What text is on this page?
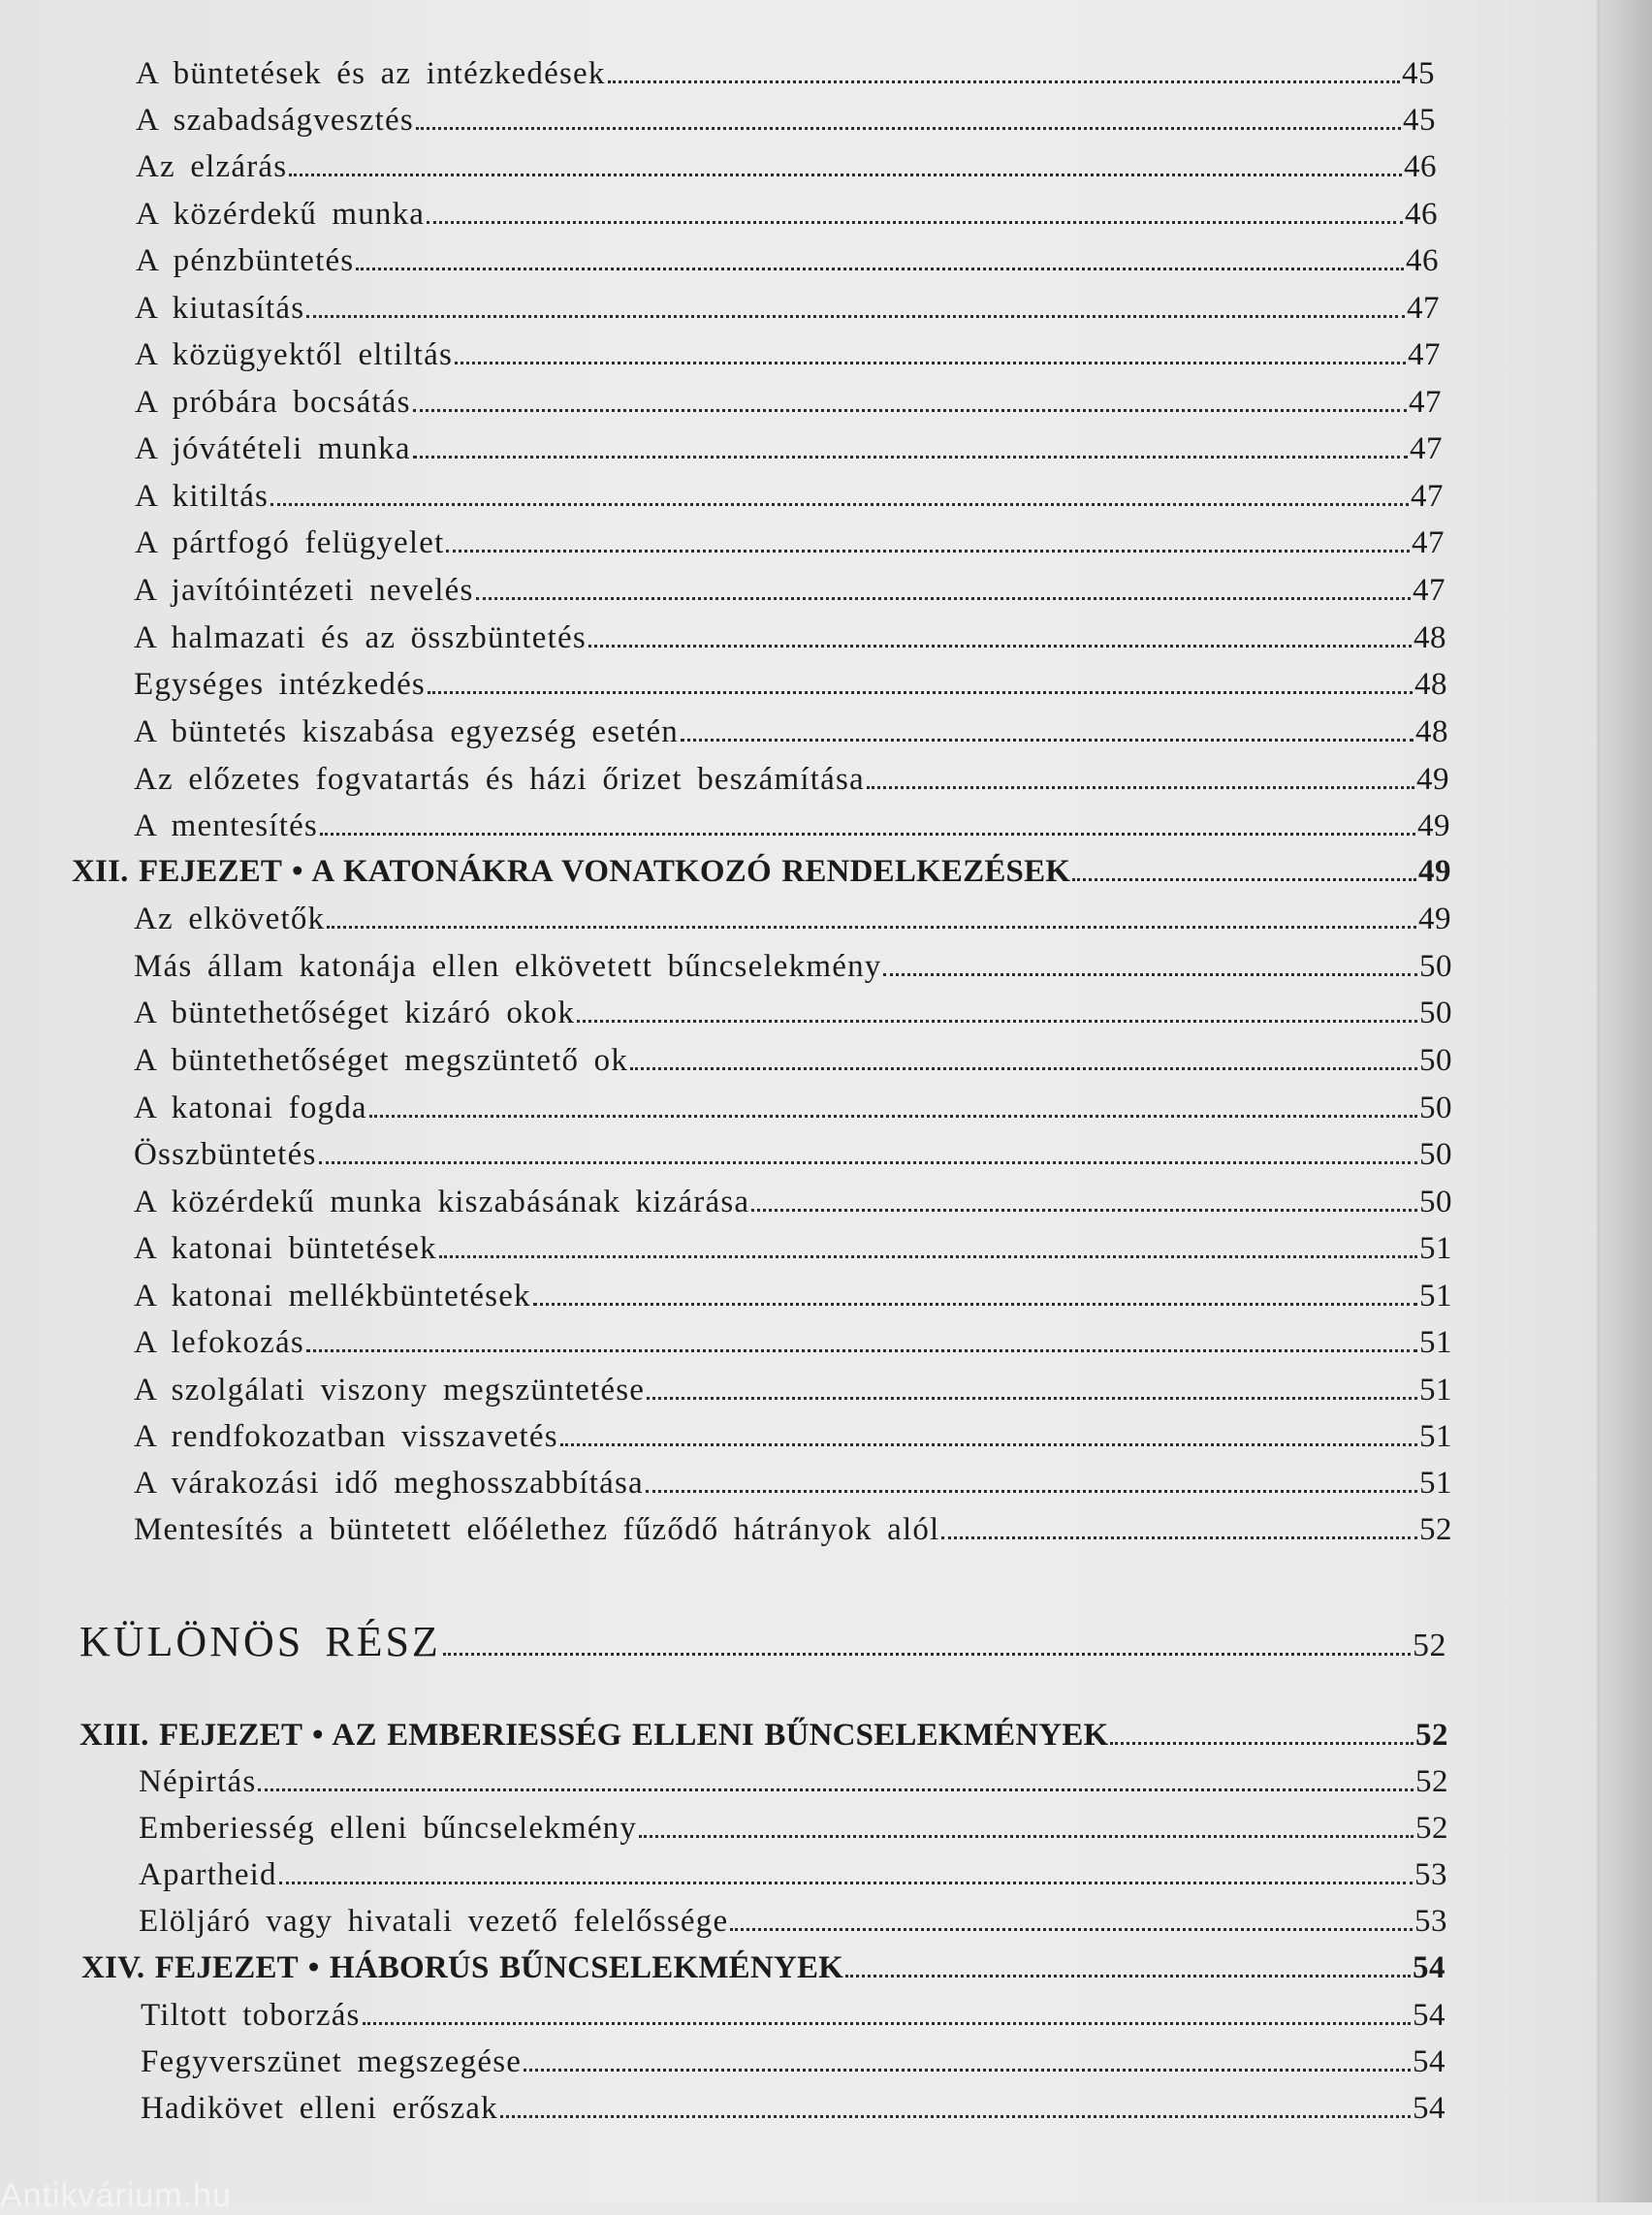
A büntetések és az intézkedések	45
A szabadságvesztés	45
Az elzárás	46
A közérdekű munka	46
A pénzbüntetés	46
A kiutasítás	47
A közügyektől eltiltás	47
A próbára bocsátás	47
A jóvátételi munka	47
A kitiltás	47
A pártfogó felügyelet	47
A javítóintézeti nevelés	47
A halmazati és az összbüntetés	48
Egységes intézkedés	48
A büntetés kiszabása egyezség esetén	48
Az előzetes fogvatartás és házi őrizet beszámítása	49
A mentesítés	49
XII. FEJEZET • A KATONÁKRA VONATKOZÓ RENDELKEZÉSEK	49
Az elkövetők	49
Más állam katonája ellen elkövetett bűncselekmény	50
A büntethetőséget kizáró okok	50
A büntethetőséget megszüntető ok	50
A katonai fogda	50
Összbüntetés	50
A közérdekű munka kiszabásának kizárása	50
A katonai büntetések	51
A katonai mellékbüntetések	51
A lefokozás	51
A szolgálati viszony megszüntetése	51
A rendfokozatban visszavetés	51
A várakozási idő meghosszabbítása	51
Mentesítés a büntetett előélethez fűződő hátrányok alól	52
KÜLÖNÖS RÉSZ	52
XIII. FEJEZET • AZ EMBERIESSÉG ELLENI BŰNCSELEKMÉNYEK	52
Népirtás	52
Emberiesség elleni bűncselekmény	52
Apartheid	53
Elöljáró vagy hivatali vezető felelőssége	53
XIV. FEJEZET • HÁBORÚS BŰNCSELEKMÉNYEK	54
Tiltott toborzás	54
Fegyverszünet megszegése	54
Hadikövet elleni erőszak	54
Antikvárium.hu
